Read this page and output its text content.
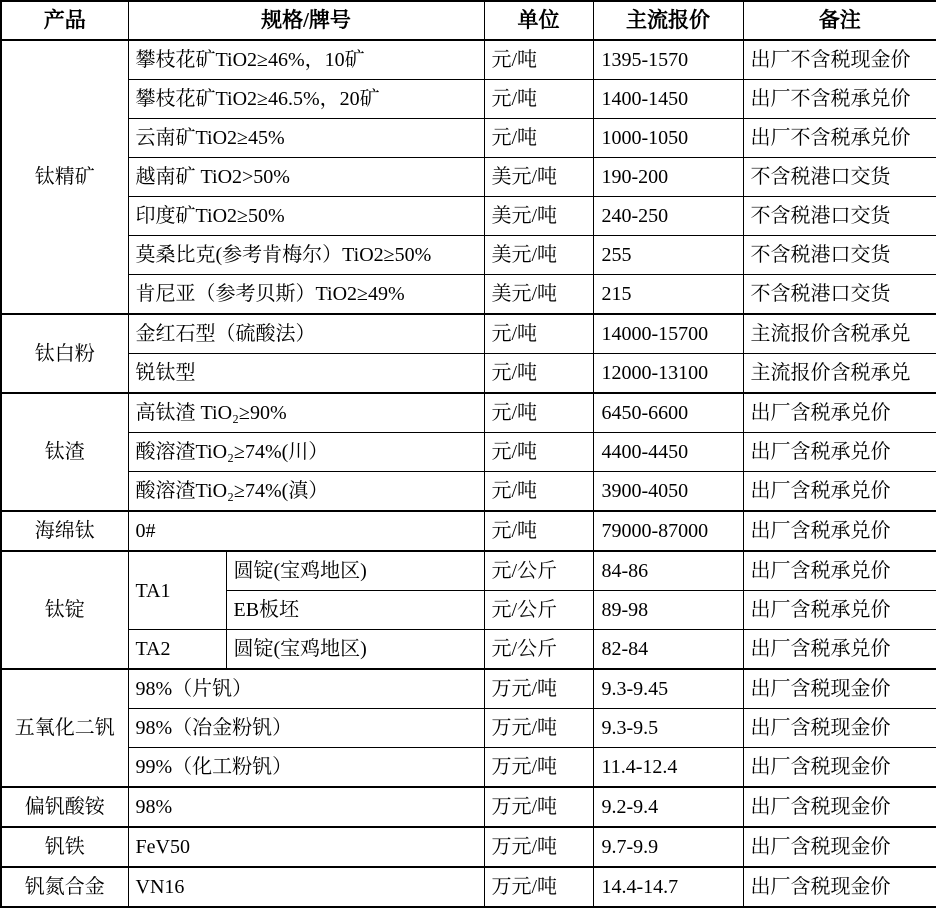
产品	规格/牌号		单位	主流报价	备注
钛精矿	攀枝花矿TiO2≥46%，10矿		元/吨	1395-1570	出厂不含税现金价
	攀枝花矿TiO2≥46.5%，20矿		元/吨	1400-1450	出厂不含税承兑价
	云南矿TiO2≥45%		元/吨	1000-1050	出厂不含税承兑价
	越南矿 TiO2>50%		美元/吨	190-200	不含税港口交货
	印度矿TiO2≥50%		美元/吨	240-250	不含税港口交货
	莫桑比克(参考肯梅尔）TiO2≥50%		美元/吨	255	不含税港口交货
	肯尼亚（参考贝斯）TiO2≥49%		美元/吨	215	不含税港口交货
钛白粉	金红石型（硫酸法）		元/吨	14000-15700	主流报价含税承兑
	锐钛型		元/吨	12000-13100	主流报价含税承兑
钛渣	高钛渣 TiO₂≥90%		元/吨	6450-6600	出厂含税承兑价
	酸溶渣TiO₂≥74%(川）		元/吨	4400-4450	出厂含税承兑价
	酸溶渣TiO₂≥74%(滇）		元/吨	3900-4050	出厂含税承兑价
海绵钛	0#		元/吨	79000-87000	出厂含税承兑价
钛锭	TA1	圆锭(宝鸡地区)	元/公斤	84-86	出厂含税承兑价
		EB板坯	元/公斤	89-98	出厂含税承兑价
	TA2	圆锭(宝鸡地区)	元/公斤	82-84	出厂含税承兑价
五氧化二钒	98%（片钒）		万元/吨	9.3-9.45	出厂含税现金价
	98%（冶金粉钒）		万元/吨	9.3-9.5	出厂含税现金价
	99%（化工粉钒）		万元/吨	11.4-12.4	出厂含税现金价
偏钒酸铵	98%		万元/吨	9.2-9.4	出厂含税现金价
钒铁	FeV50		万元/吨	9.7-9.9	出厂含税现金价
钒氮合金	VN16		万元/吨	14.4-14.7	出厂含税现金价
